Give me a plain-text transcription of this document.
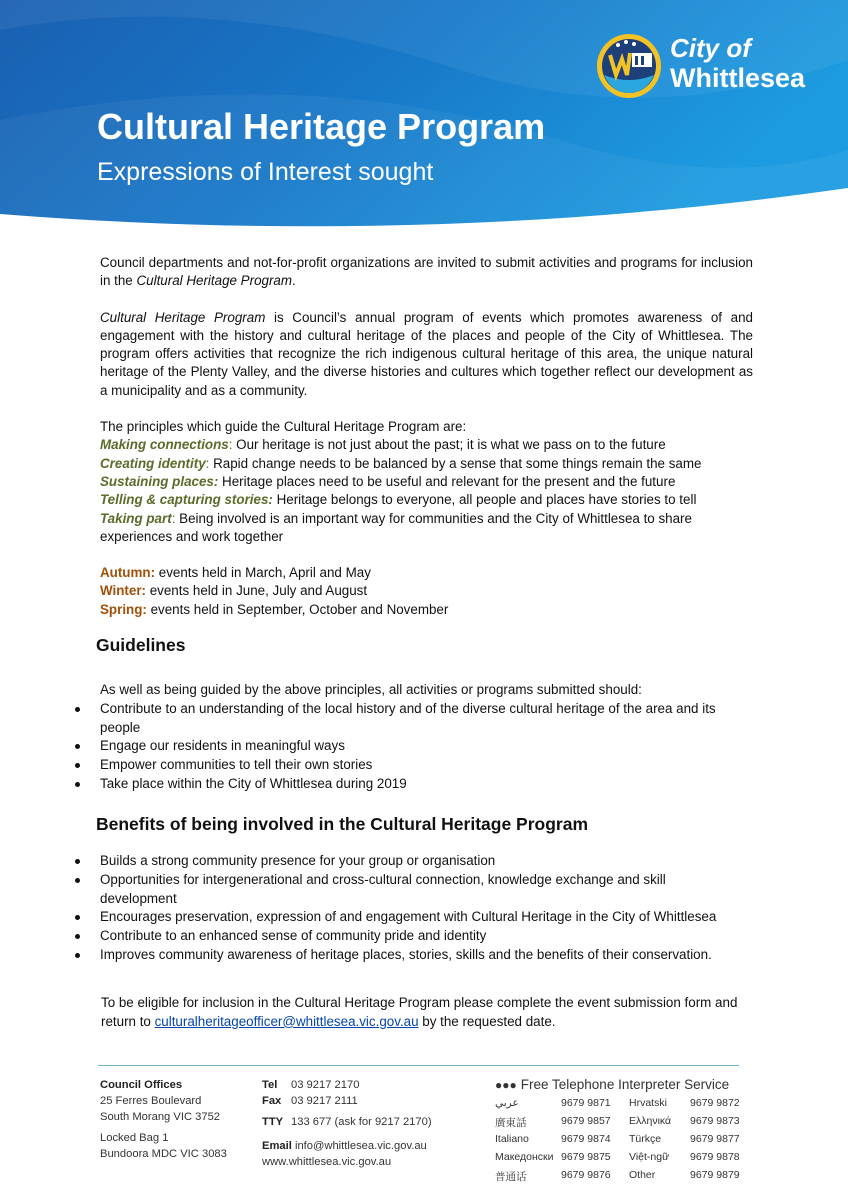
Cultural Heritage Program
Expressions of Interest sought
City of
Whittlesea

Council departments and not-for-profit organizations are invited to submit activities and programs for inclusion in the Cultural Heritage Program.

Cultural Heritage Program is Council’s annual program of events which promotes awareness of and engagement with the history and cultural heritage of the places and people of the City of Whittlesea. The program offers activities that recognize the rich indigenous cultural heritage of this area, the unique natural heritage of the Plenty Valley, and the diverse histories and cultures which together reflect our development as a municipality and as a community.

The principles which guide the Cultural Heritage Program are:
Making connections: Our heritage is not just about the past; it is what we pass on to the future
Creating identity: Rapid change needs to be balanced by a sense that some things remain the same
Sustaining places: Heritage places need to be useful and relevant for the present and the future
Telling & capturing stories: Heritage belongs to everyone, all people and places have stories to tell
Taking part: Being involved is an important way for communities and the City of Whittlesea to share experiences and work together
Autumn: events held in March, April and May
Winter: events held in June, July and August
Spring: events held in September, October and November
Guidelines
As well as being guided by the above principles, all activities or programs submitted should:
Contribute to an understanding of the local history and of the diverse cultural heritage of the area and its people
Engage our residents in meaningful ways
Empower communities to tell their own stories
Take place within the City of Whittlesea during 2019
Benefits of being involved in the Cultural Heritage Program
Builds a strong community presence for your group or organisation
Opportunities for intergenerational and cross-cultural connection, knowledge exchange and skill development
Encourages preservation, expression of and engagement with Cultural Heritage in the City of Whittlesea
Contribute to an enhanced sense of community pride and identity
Improves community awareness of heritage places, stories, skills and the benefits of their conservation.
To be eligible for inclusion in the Cultural Heritage Program please complete the event submission form and return to culturalheritageofficer@whittlesea.vic.gov.au by the requested date.
Council Offices
25 Ferres Boulevard
South Morang VIC 3752
Locked Bag 1
Bundoora MDC VIC 3083
Tel 03 9217 2170
Fax 03 9217 2111
TTY 133 677 (ask for 9217 2170)
Email info@whittlesea.vic.gov.au
www.whittlesea.vic.gov.au
●●● Free Telephone Interpreter Service
عربي	9679 9871 Hrvatski 9679 9872
廣東話	9679 9857 Ελληνικά 9679 9873
Italiano	9679 9874 Türkçe	9679 9877
Македонски 9679 9875 Việt-ngữ 9679 9878
普通话	9679 9876 Other	9679 9879
